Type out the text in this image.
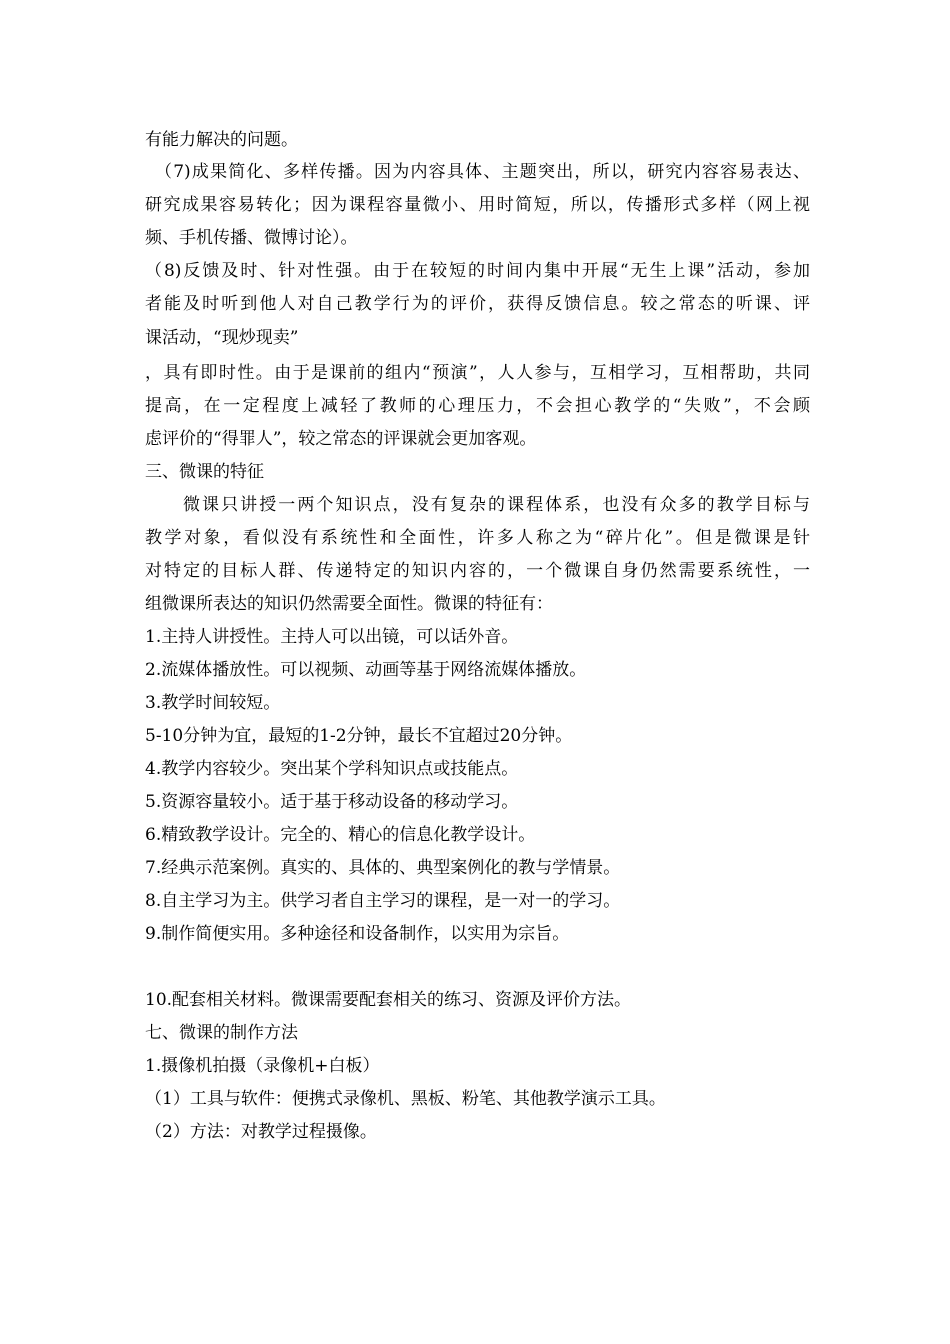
有能力解决的问题。
（7)成果简化、多样传播。因为内容具体、主题突出，所以，研究内容容易表达、
研究成果容易转化；因为课程容量微小、用时简短，所以，传播形式多样（网上视
频、手机传播、微博讨论）。
（8)反馈及时、针对性强。由于在较短的时间内集中开展“无生上课”活动，参加
者能及时听到他人对自己教学行为的评价，获得反馈信息。较之常态的听课、评
课活动，“现炒现卖”
，具有即时性。由于是课前的组内“预演”，人人参与，互相学习，互相帮助，共同
提高，在一定程度上减轻了教师的心理压力，不会担心教学的“失败”，不会顾
虑评价的“得罪人”，较之常态的评课就会更加客观。
三、微课的特征
微课只讲授一两个知识点，没有复杂的课程体系，也没有众多的教学目标与
教学对象，看似没有系统性和全面性，许多人称之为“碎片化”。但是微课是针
对特定的目标人群、传递特定的知识内容的，一个微课自身仍然需要系统性，一
组微课所表达的知识仍然需要全面性。微课的特征有：
1.主持人讲授性。主持人可以出镜，可以话外音。
2.流媒体播放性。可以视频、动画等基于网络流媒体播放。
3.教学时间较短。
5-10分钟为宜，最短的1-2分钟，最长不宜超过20分钟。
4.教学内容较少。突出某个学科知识点或技能点。
5.资源容量较小。适于基于移动设备的移动学习。
6.精致教学设计。完全的、精心的信息化教学设计。
7.经典示范案例。真实的、具体的、典型案例化的教与学情景。
8.自主学习为主。供学习者自主学习的课程，是一对一的学习。
9.制作简便实用。多种途径和设备制作，以实用为宗旨。
10.配套相关材料。微课需要配套相关的练习、资源及评价方法。
七、微课的制作方法
1.摄像机拍摄（录像机+白板）
（1）工具与软件：便携式录像机、黑板、粉笔、其他教学演示工具。
（2）方法：对教学过程摄像。
